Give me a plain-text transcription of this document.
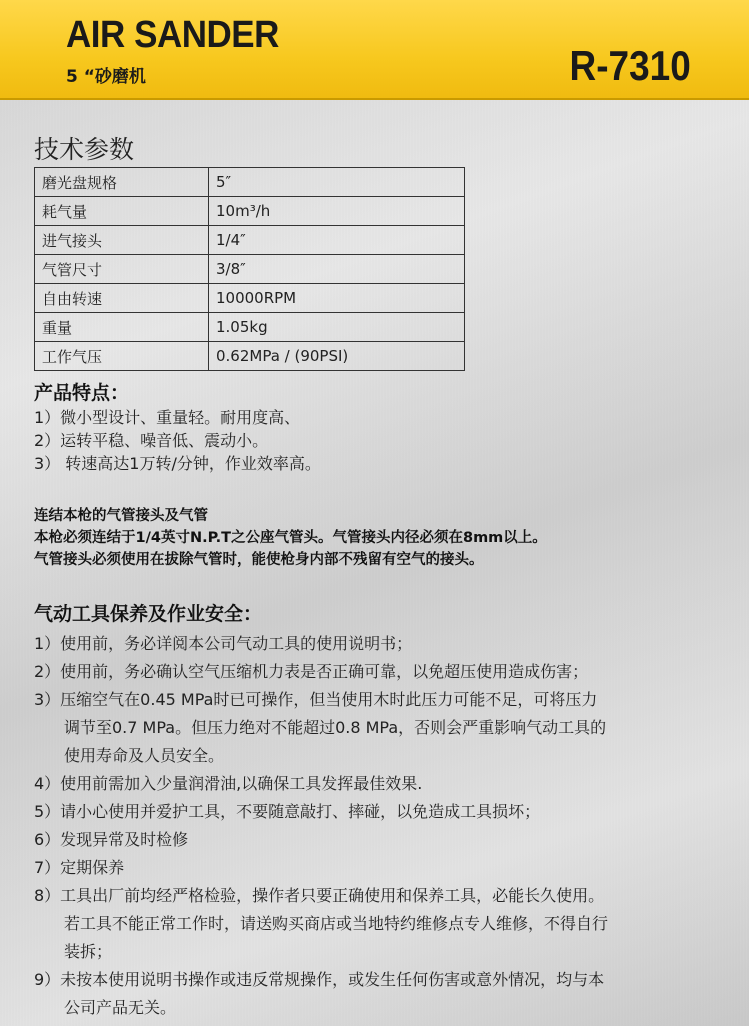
AIR SANDER
5 “砂磨机	R-7310
技术参数
磨光盘规格	5″
耗气量	10m³/h
进气接头	1/4″
气管尺寸	3/8″
自由转速	10000RPM
重量	1.05kg
工作气压	0.62MPa / (90PSI)
产品特点：
1）微小型设计、重量轻。耐用度高、
2）运转平稳、噪音低、震动小。
3） 转速高达1万转/分钟，作业效率高。
连结本枪的气管接头及气管
本枪必须连结于1/4英寸N.P.T之公座气管头。气管接头内径必须在8mm以上。
气管接头必须使用在拔除气管时，能使枪身内部不残留有空气的接头。
气动工具保养及作业安全：
1）使用前，务必详阅本公司气动工具的使用说明书；
2）使用前，务必确认空气压缩机力表是否正确可靠，以免超压使用造成伤害；
3）压缩空气在0.45 MPa时已可操作，但当使用木时此压力可能不足，可将压力
调节至0.7 MPa。但压力绝对不能超过0.8 MPa，否则会严重影响气动工具的
使用寿命及人员安全。
4）使用前需加入少量润滑油,以确保工具发挥最佳效果.
5）请小心使用并爱护工具，不要随意敲打、摔碰，以免造成工具损坏；
6）发现异常及时检修
7）定期保养
8）工具出厂前均经严格检验，操作者只要正确使用和保养工具，必能长久使用。
若工具不能正常工作时，请送购买商店或当地特约维修点专人维修，不得自行
装拆；
9）未按本使用说明书操作或违反常规操作，或发生任何伤害或意外情况，均与本
公司产品无关。
